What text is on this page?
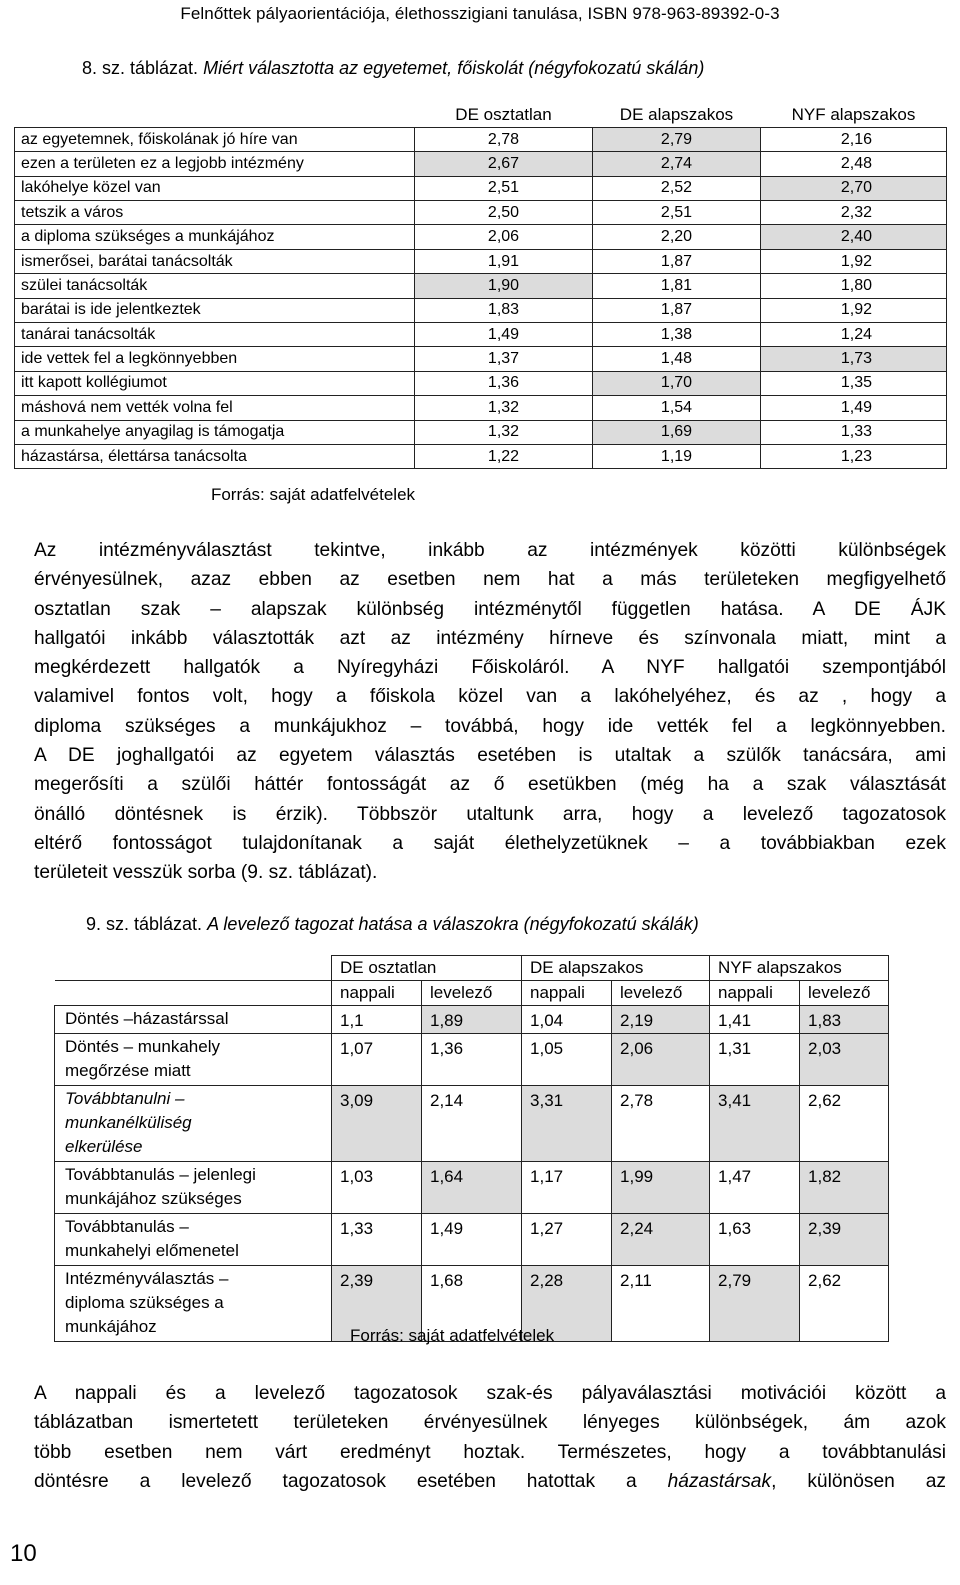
Felnőttek pályaorientációja, élethosszigiani tanulása, ISBN 978-963-89392-0-3
8. sz. táblázat. Miért választotta az egyetemet, főiskolát (négyfokozatú skálán)
	DE osztatlan	DE alapszakos	NYF alapszakos
az egyetemnek, főiskolának jó híre van	2,78	2,79	2,16
ezen a területen ez a legjobb intézmény	2,67	2,74	2,48
lakóhelye közel van	2,51	2,52	2,70
tetszik a város	2,50	2,51	2,32
a diploma szükséges a munkájához	2,06	2,20	2,40
ismerősei, barátai tanácsolták	1,91	1,87	1,92
szülei tanácsolták	1,90	1,81	1,80
barátai is ide jelentkeztek	1,83	1,87	1,92
tanárai tanácsolták	1,49	1,38	1,24
ide vettek fel a legkönnyebben	1,37	1,48	1,73
itt kapott kollégiumot	1,36	1,70	1,35
máshová nem vették volna fel	1,32	1,54	1,49
a munkahelye anyagilag is támogatja	1,32	1,69	1,33
házastársa, élettársa tanácsolta	1,22	1,19	1,23
Forrás: saját adatfelvételek
Az intézményválasztást tekintve, inkább az intézmények közötti különbségek
érvényesülnek, azaz ebben az esetben nem hat a más területeken megfigyelhető
osztatlan szak – alapszak különbség intézménytől független hatása. A DE ÁJK
hallgatói inkább választották azt az intézmény hírneve és színvonala miatt, mint a
megkérdezett hallgatók a Nyíregyházi Főiskoláról. A NYF hallgatói szempontjából
valamivel fontos volt, hogy a főiskola közel van a lakóhelyéhez, és az , hogy a
diploma szükséges a munkájukhoz – továbbá, hogy ide vették fel a legkönnyebben.
A DE joghallgatói az egyetem választás esetében is utaltak a szülők tanácsára, ami
megerősíti a szülői háttér fontosságát az ő esetükben (még ha a szak választását
önálló döntésnek is érzik). Többször utaltunk arra, hogy a levelező tagozatosok
eltérő fontosságot tulajdonítanak a saját élethelyzetüknek – a továbbiakban ezek
területeit vesszük sorba (9. sz. táblázat).
9. sz. táblázat. A levelező tagozat hatása a válaszokra (négyfokozatú skálák)
	DE osztatlan		DE alapszakos		NYF alapszakos	
	nappali	levelező	nappali	levelező	nappali	levelező

Döntés –házastárssal	1,1	1,89	1,04	2,19	1,41	1,83

Döntés – munkahely
megőrzése miatt	1,07	1,36	1,05	2,06	1,31	2,03

Továbbtanulni –
munkanélküliség
elkerülése	3,09	2,14	3,31	2,78	3,41	2,62

Továbbtanulás – jelenlegi
munkájához szükséges	1,03	1,64	1,17	1,99	1,47	1,82

Továbbtanulás –
munkahelyi előmenetel	1,33	1,49	1,27	2,24	1,63	2,39

Intézményválasztás –
diploma szükséges a
munkájához	2,39	1,68	2,28	2,11	2,79	2,62
Forrás: saját adatfelvételek
A nappali és a levelező tagozatosok szak-és pályaválasztási motivációi között a
táblázatban ismertetett területeken érvényesülnek lényeges különbségek, ám azok
több esetben nem várt eredményt hoztak. Természetes, hogy a továbbtanulási
döntésre a levelező tagozatosok esetében hatottak a házastársak, különösen az
10
